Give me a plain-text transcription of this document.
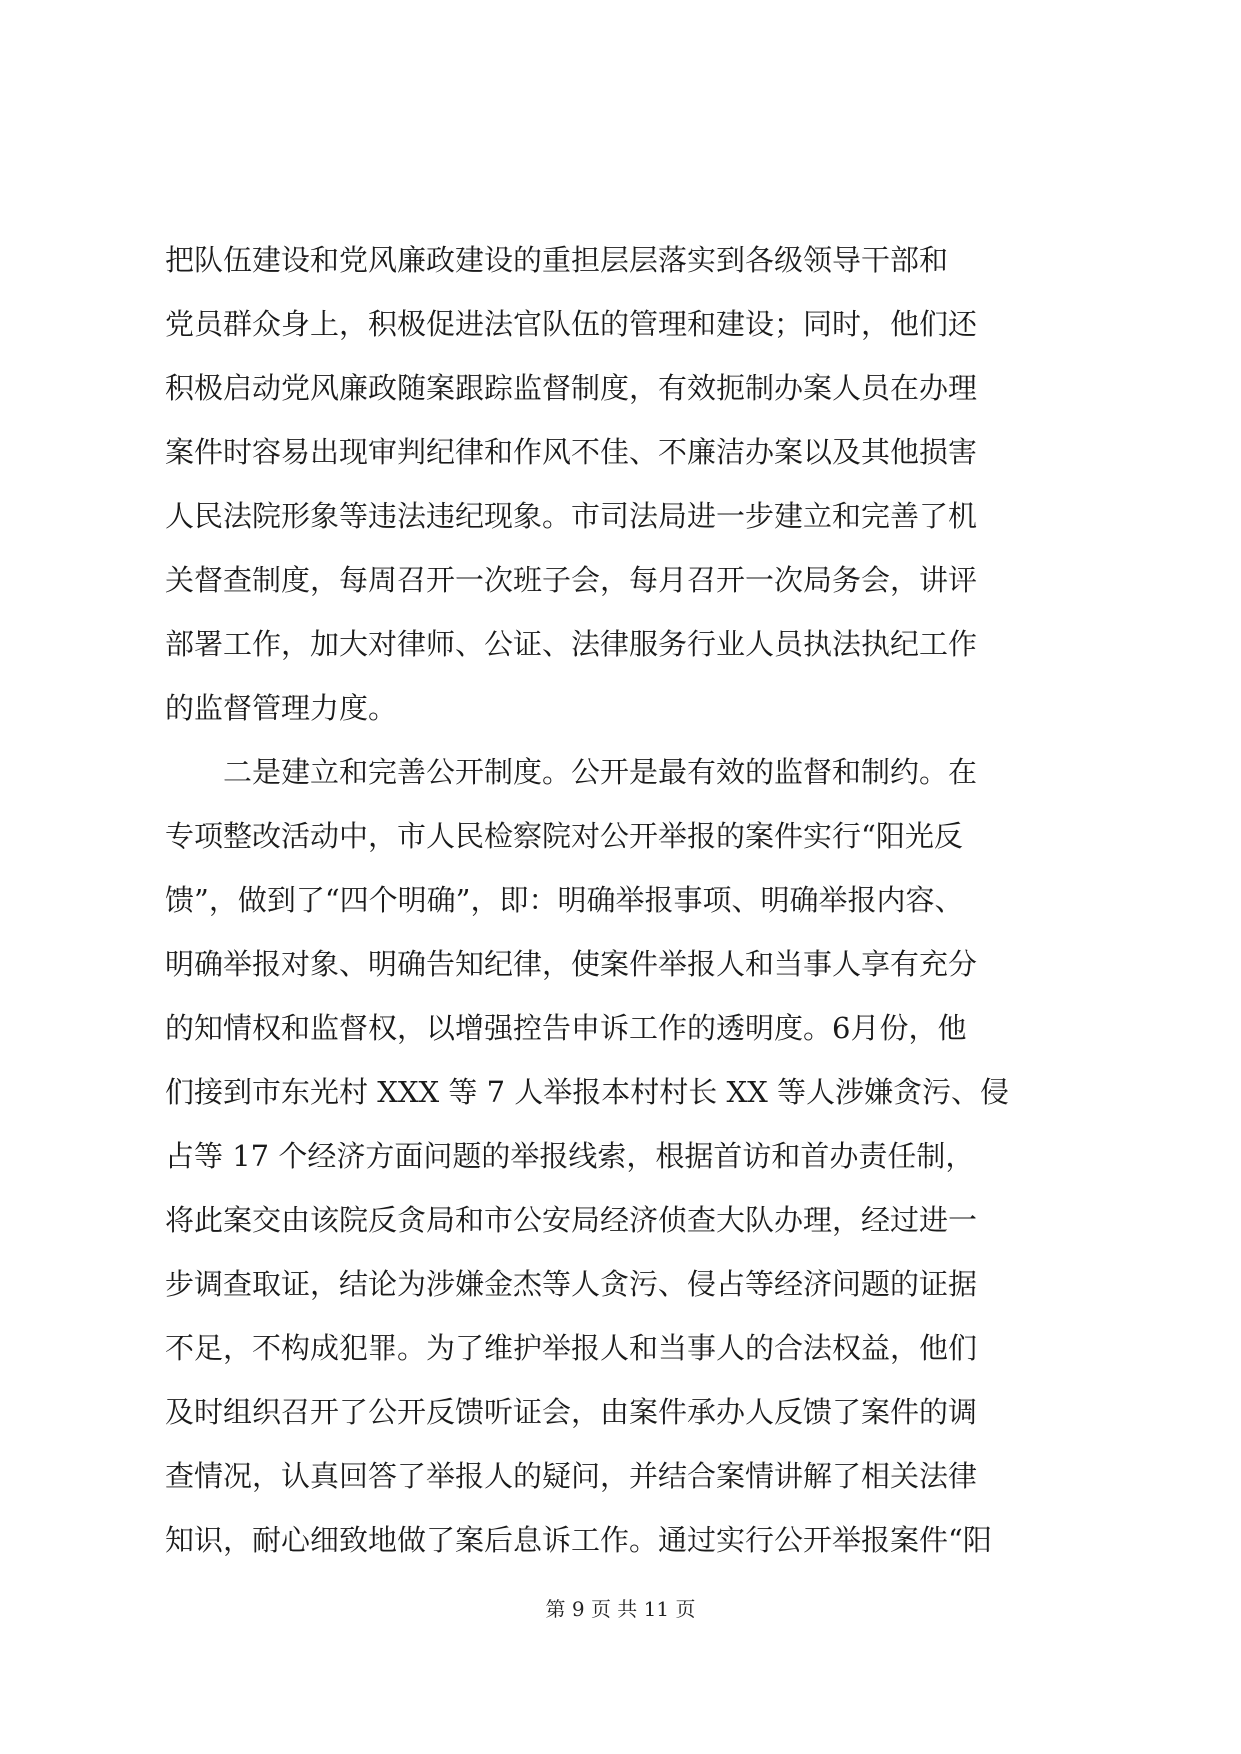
把队伍建设和党风廉政建设的重担层层落实到各级领导干部和
党员群众身上，积极促进法官队伍的管理和建设；同时，他们还
积极启动党风廉政随案跟踪监督制度，有效扼制办案人员在办理
案件时容易出现审判纪律和作风不佳、不廉洁办案以及其他损害
人民法院形象等违法违纪现象。市司法局进一步建立和完善了机
关督查制度，每周召开一次班子会，每月召开一次局务会，讲评
部署工作，加大对律师、公证、法律服务行业人员执法执纪工作
的监督管理力度。
二是建立和完善公开制度。公开是最有效的监督和制约。在
专项整改活动中，市人民检察院对公开举报的案件实行“阳光反
馈”，做到了“四个明确”，即：明确举报事项、明确举报内容、
明确举报对象、明确告知纪律，使案件举报人和当事人享有充分
的知情权和监督权，以增强控告申诉工作的透明度。6月份，他
们接到市东光村 XXX 等 7 人举报本村村长 XX 等人涉嫌贪污、侵
占等 17 个经济方面问题的举报线索，根据首访和首办责任制，
将此案交由该院反贪局和市公安局经济侦查大队办理，经过进一
步调查取证，结论为涉嫌金杰等人贪污、侵占等经济问题的证据
不足，不构成犯罪。为了维护举报人和当事人的合法权益，他们
及时组织召开了公开反馈听证会，由案件承办人反馈了案件的调
查情况，认真回答了举报人的疑问，并结合案情讲解了相关法律
知识，耐心细致地做了案后息诉工作。通过实行公开举报案件“阳
第 9 页 共 11 页
